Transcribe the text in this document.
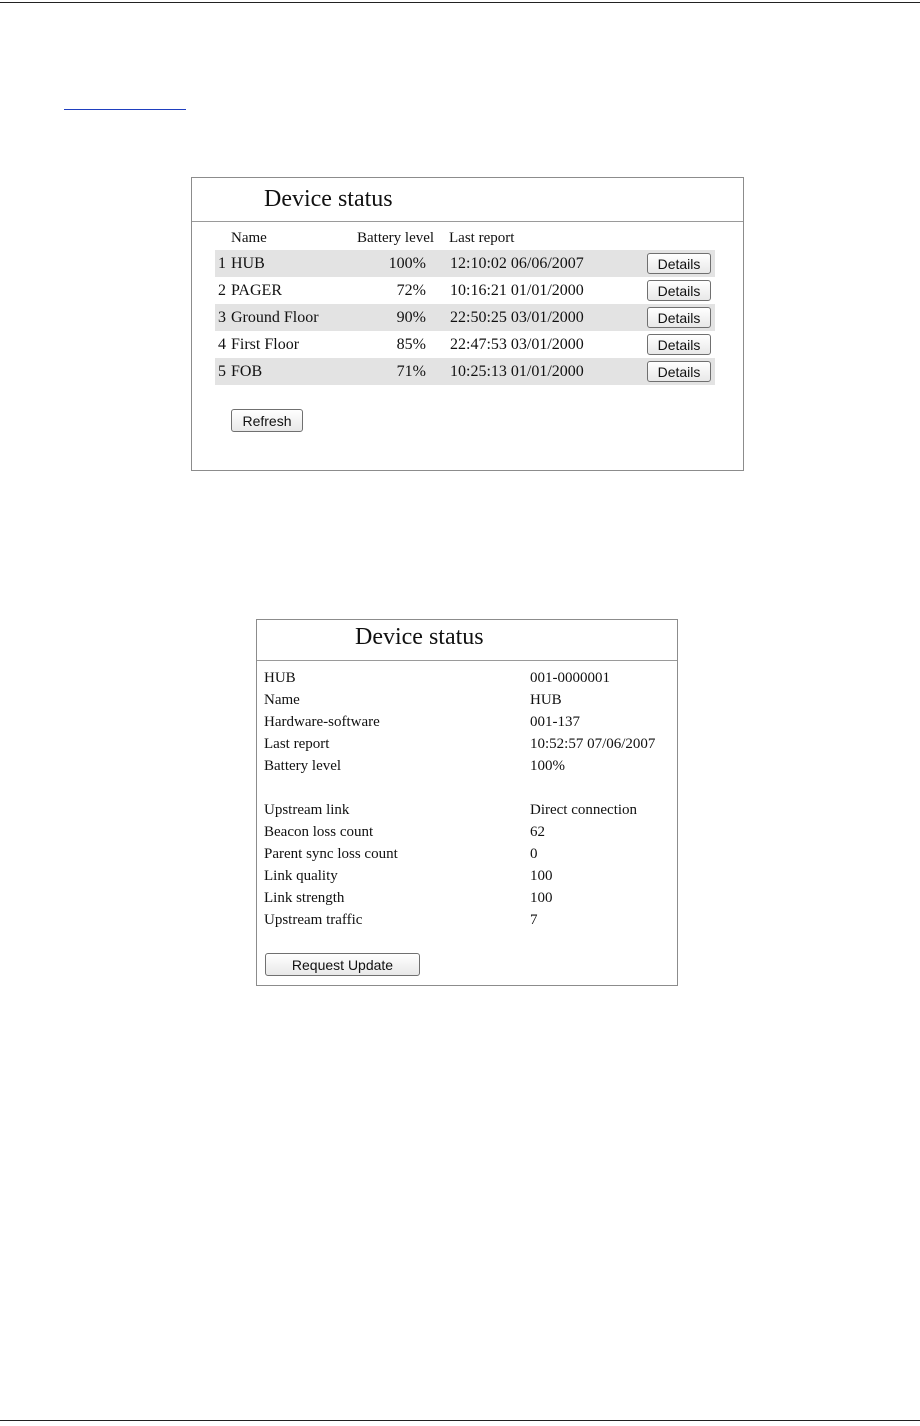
Device status
Name	Battery level Last report
1 HUB	100% 12:10:02 06/06/2007	Details
2 PAGER	72% 10:16:21 01/01/2000	Details
3 Ground Floor	90% 22:50:25 03/01/2000	Details
4 First Floor	85% 22:47:53 03/01/2000	Details
5 FOB	71% 10:25:13 01/01/2000	Details
Refresh
Device status
HUB	001-0000001
Name	HUB
Hardware-software	001-137
Last report	10:52:57 07/06/2007
Battery level	100%
Upstream link	Direct connection
Beacon loss count	62
Parent sync loss count	0
Link quality	100
Link strength	100
Upstream traffic	7
Request Update
